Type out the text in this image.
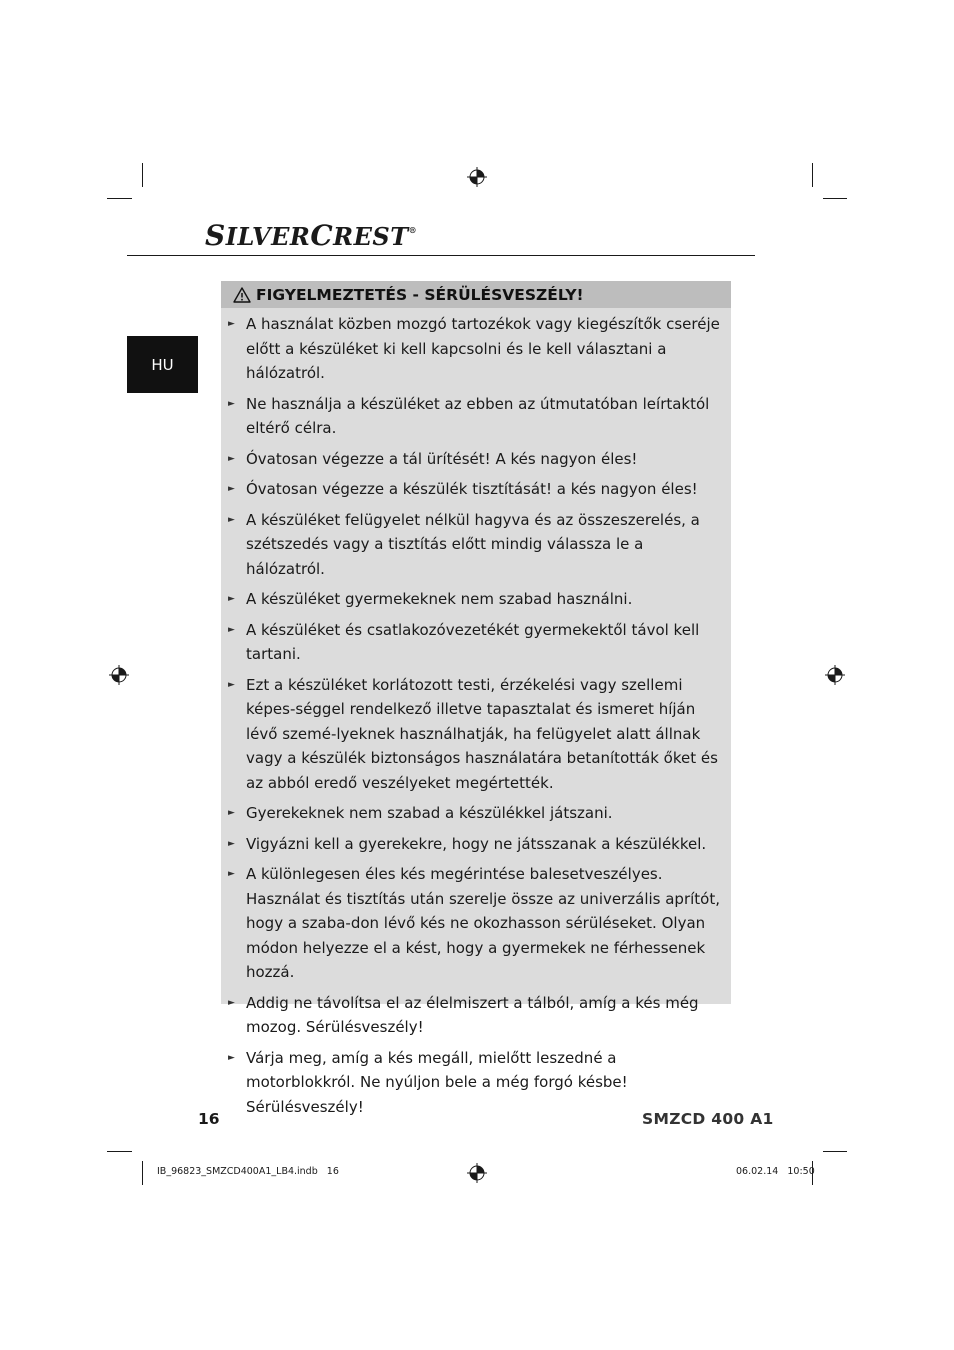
SILVERCREST®
HU
FIGYELMEZTETÉS - SÉRÜLÉSVESZÉLY!
► A használat közben mozgó tartozékok vagy kiegészítők cseréje előtt a készüléket ki kell kapcsolni és le kell választani a hálózatról.
► Ne használja a készüléket az ebben az útmutatóban leírtaktól eltérő célra.
► Óvatosan végezze a tál ürítését! A kés nagyon éles!
► Óvatosan végezze a készülék tisztítását! a kés nagyon éles!
► A készüléket felügyelet nélkül hagyva és az összeszerelés, a szétszedés vagy a tisztítás előtt mindig válassza le a hálózatról.
► A készüléket gyermekeknek nem szabad használni.
► A készüléket és csatlakozóvezetékét gyermekektől távol kell tartani.
► Ezt a készüléket korlátozott testi, érzékelési vagy szellemi képes-séggel rendelkező illetve tapasztalat és ismeret híján lévő szemé-lyeknek használhatják, ha felügyelet alatt állnak vagy a készülék biztonságos használatára betanították őket és az abból eredő veszélyeket megértették.
► Gyerekeknek nem szabad a készülékkel játszani.
► Vigyázni kell a gyerekekre, hogy ne játsszanak a készülékkel.
► A különlegesen éles kés megérintése balesetveszélyes. Használat és tisztítás után szerelje össze az univerzális aprítót, hogy a szaba-don lévő kés ne okozhasson sérüléseket. Olyan módon helyezze el a kést, hogy a gyermekek ne férhessenek hozzá.
► Addig ne távolítsa el az élelmiszert a tálból, amíg a kés még mozog. Sérülésveszély!
► Várja meg, amíg a kés megáll, mielőtt leszedné a motorblokkról. Ne nyúljon bele a még forgó késbe! Sérülésveszély!
16	SMZCD 400 A1
IB_96823_SMZCD400A1_LB4.indb   16	06.02.14   10:50
